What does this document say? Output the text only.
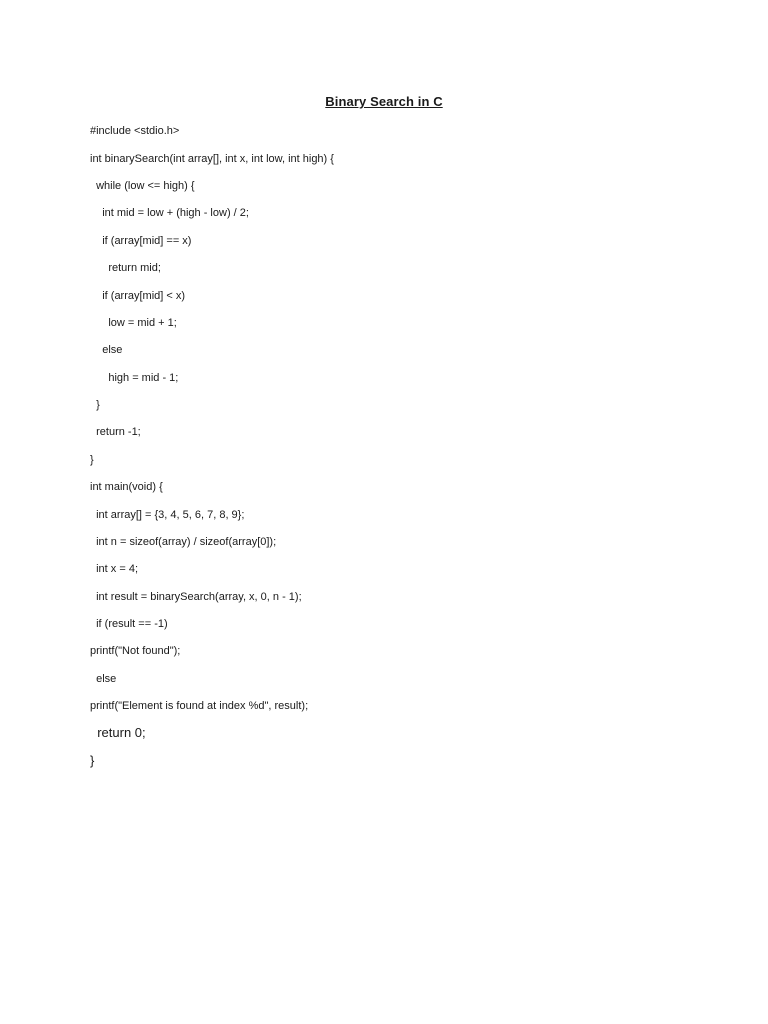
Binary Search in C
#include <stdio.h>
int binarySearch(int array[], int x, int low, int high) {
while (low <= high) {
int mid = low + (high - low) / 2;
if (array[mid] == x)
return mid;
if (array[mid] < x)
low = mid + 1;
else
high = mid - 1;
}
return -1;
}
int main(void) {
int array[] = {3, 4, 5, 6, 7, 8, 9};
int n = sizeof(array) / sizeof(array[0]);
int x = 4;
int result = binarySearch(array, x, 0, n - 1);
if (result == -1)
printf("Not found");
else
printf("Element is found at index %d", result);
return 0;
}
